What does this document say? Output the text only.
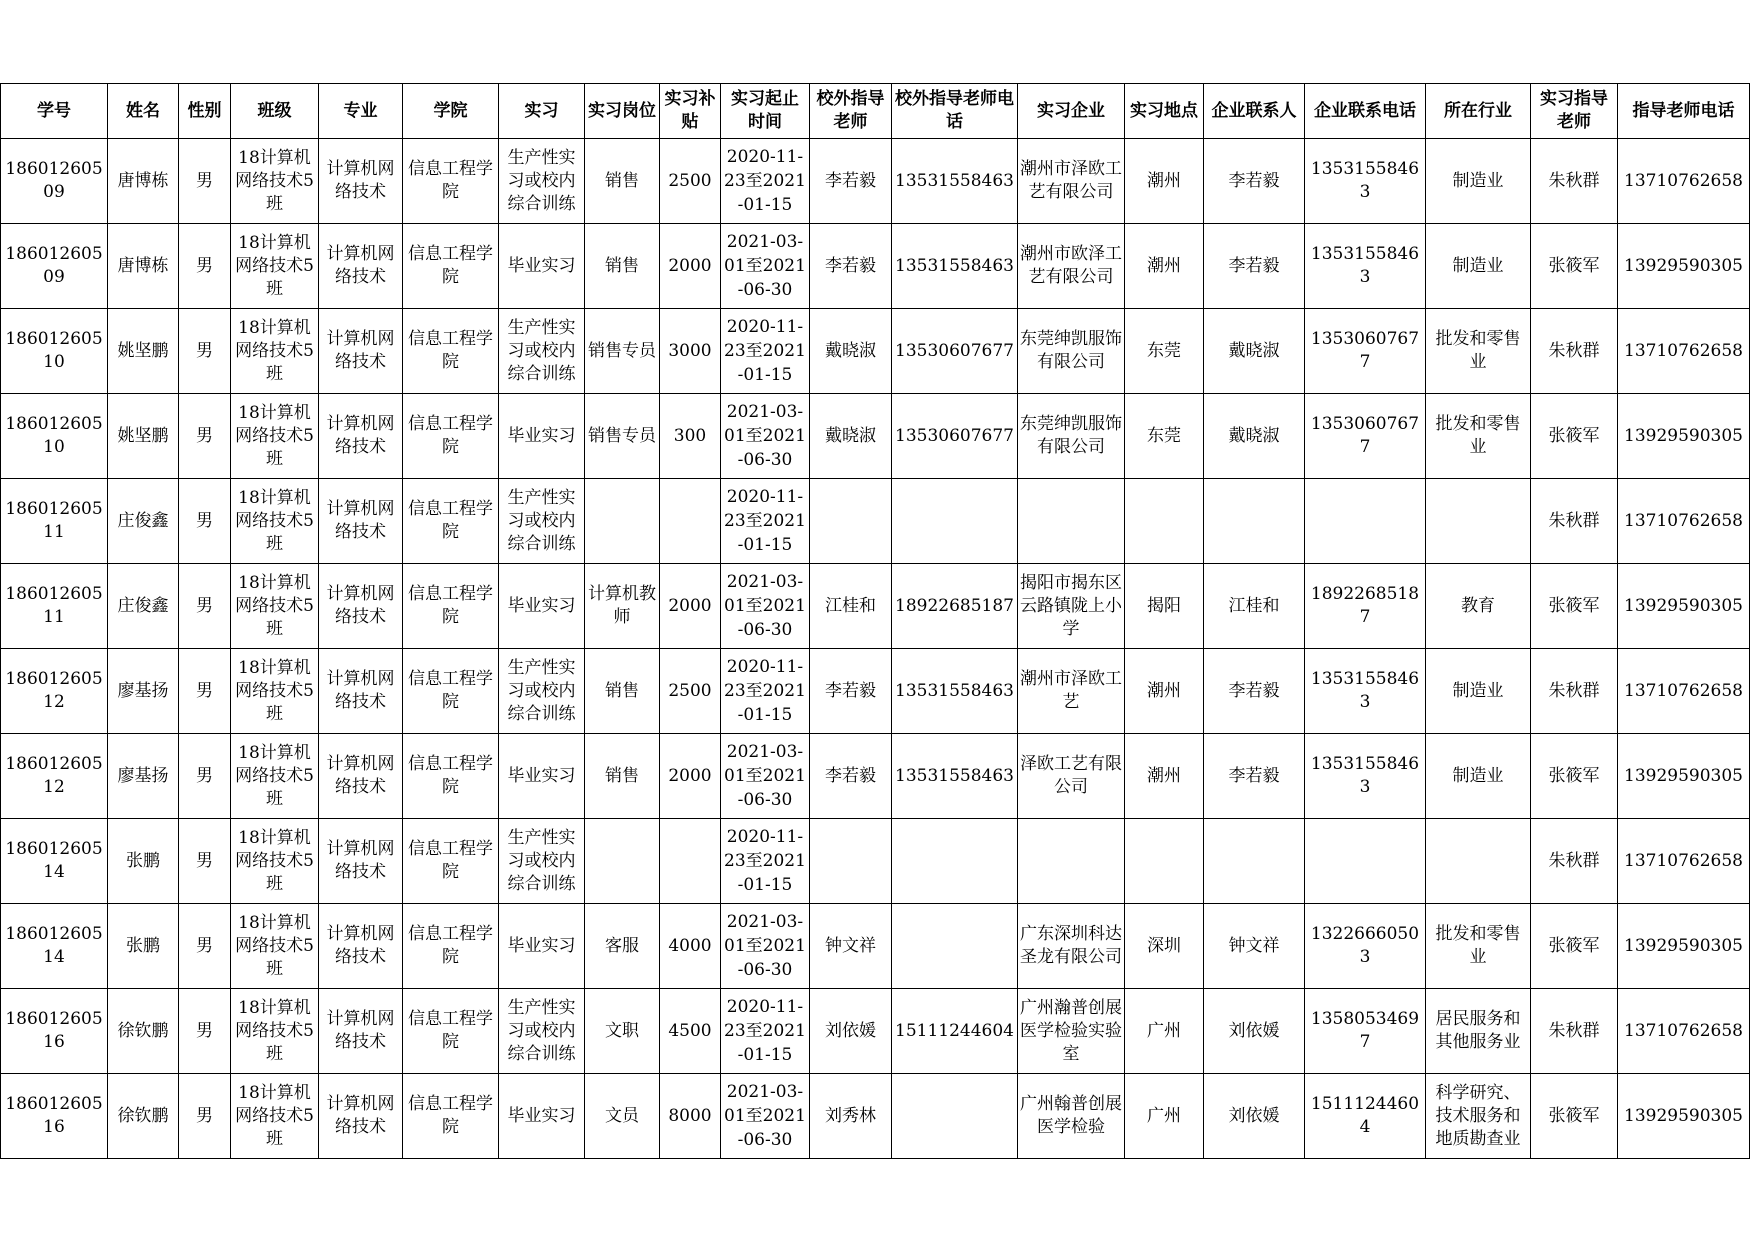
学号	姓名	性别	班级	专业	学院	实习	实习岗位	实习补贴	实习起止时间	校外指导老师	校外指导老师电话	实习企业	实习地点	企业联系人	企业联系电话	所在行业	实习指导老师	指导老师电话

18601260509	唐博栋	男	18计算机网络技术5班	计算机网络技术	信息工程学院	生产性实习或校内综合训练	销售	2500	2020-11-23至2021-01-15	李若毅	13531558463	潮州市泽欧工艺有限公司	潮州	李若毅	13531558463	制造业	朱秋群	13710762658

18601260509	唐博栋	男	18计算机网络技术5班	计算机网络技术	信息工程学院	毕业实习	销售	2000	2021-03-01至2021-06-30	李若毅	13531558463	潮州市欧泽工艺有限公司	潮州	李若毅	13531558463	制造业	张筱军	13929590305

18601260510	姚坚鹏	男	18计算机网络技术5班	计算机网络技术	信息工程学院	生产性实习或校内综合训练	销售专员	3000	2020-11-23至2021-01-15	戴晓淑	13530607677	东莞绅凯服饰有限公司	东莞	戴晓淑	13530607677	批发和零售业	朱秋群	13710762658

18601260510	姚坚鹏	男	18计算机网络技术5班	计算机网络技术	信息工程学院	毕业实习	销售专员	300	2021-03-01至2021-06-30	戴晓淑	13530607677	东莞绅凯服饰有限公司	东莞	戴晓淑	13530607677	批发和零售业	张筱军	13929590305

18601260511	庄俊鑫	男	18计算机网络技术5班	计算机网络技术	信息工程学院	生产性实习或校内综合训练			2020-11-23至2021-01-15								朱秋群	13710762658

18601260511	庄俊鑫	男	18计算机网络技术5班	计算机网络技术	信息工程学院	毕业实习	计算机教师	2000	2021-03-01至2021-06-30	江桂和	18922685187	揭阳市揭东区云路镇陇上小学	揭阳	江桂和	18922685187	教育	张筱军	13929590305

18601260512	廖基扬	男	18计算机网络技术5班	计算机网络技术	信息工程学院	生产性实习或校内综合训练	销售	2500	2020-11-23至2021-01-15	李若毅	13531558463	潮州市泽欧工艺	潮州	李若毅	13531558463	制造业	朱秋群	13710762658

18601260512	廖基扬	男	18计算机网络技术5班	计算机网络技术	信息工程学院	毕业实习	销售	2000	2021-03-01至2021-06-30	李若毅	13531558463	泽欧工艺有限公司	潮州	李若毅	13531558463	制造业	张筱军	13929590305

18601260514	张鹏	男	18计算机网络技术5班	计算机网络技术	信息工程学院	生产性实习或校内综合训练			2020-11-23至2021-01-15								朱秋群	13710762658

18601260514	张鹏	男	18计算机网络技术5班	计算机网络技术	信息工程学院	毕业实习	客服	4000	2021-03-01至2021-06-30	钟文祥		广东深圳科达圣龙有限公司	深圳	钟文祥	13226660503	批发和零售业	张筱军	13929590305

18601260516	徐钦鹏	男	18计算机网络技术5班	计算机网络技术	信息工程学院	生产性实习或校内综合训练	文职	4500	2020-11-23至2021-01-15	刘依媛	15111244604	广州瀚普创展医学检验实验室	广州	刘依媛	13580534697	居民服务和其他服务业	朱秋群	13710762658

18601260516	徐钦鹏	男	18计算机网络技术5班	计算机网络技术	信息工程学院	毕业实习	文员	8000	2021-03-01至2021-06-30	刘秀林		广州翰普创展医学检验	广州	刘依媛	15111244604	科学研究、技术服务和地质勘查业	张筱军	13929590305
